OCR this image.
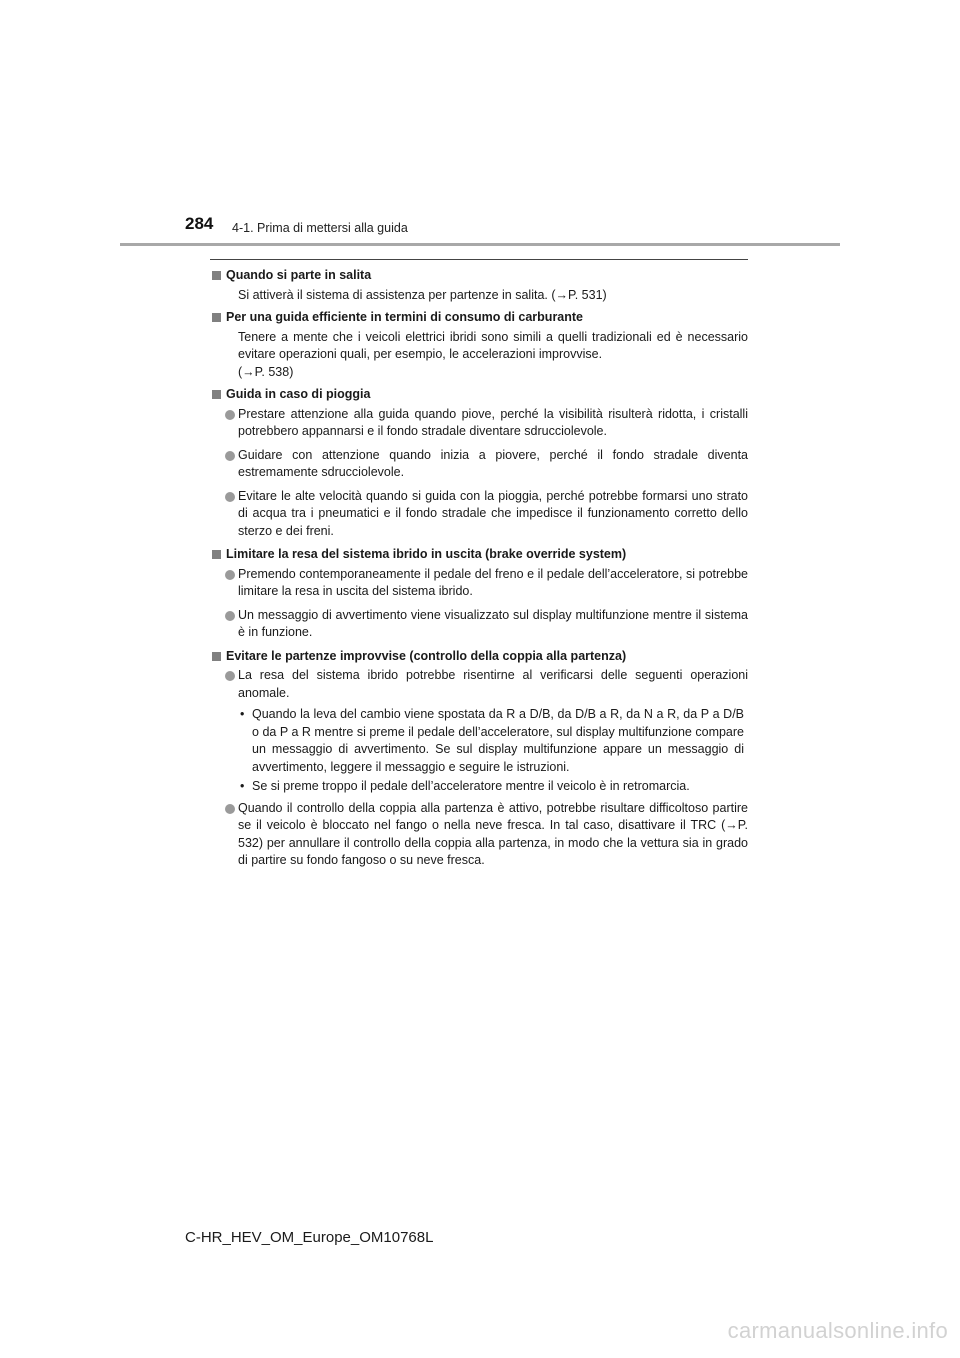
284 4-1. Prima di mettersi alla guida
Quando si parte in salita
Si attiverà il sistema di assistenza per partenze in salita. (→P. 531)
Per una guida efficiente in termini di consumo di carburante
Tenere a mente che i veicoli elettrici ibridi sono simili a quelli tradizionali ed è necessario evitare operazioni quali, per esempio, le accelerazioni improvvise.
(→P. 538)
Guida in caso di pioggia
Prestare attenzione alla guida quando piove, perché la visibilità risulterà ridotta, i cristalli potrebbero appannarsi e il fondo stradale diventare sdrucciolevole.
Guidare con attenzione quando inizia a piovere, perché il fondo stradale diventa estremamente sdrucciolevole.
Evitare le alte velocità quando si guida con la pioggia, perché potrebbe formarsi uno strato di acqua tra i pneumatici e il fondo stradale che impedisce il funzionamento corretto dello sterzo e dei freni.
Limitare la resa del sistema ibrido in uscita (brake override system)
Premendo contemporaneamente il pedale del freno e il pedale dell’acceleratore, si potrebbe limitare la resa in uscita del sistema ibrido.
Un messaggio di avvertimento viene visualizzato sul display multifunzione mentre il sistema è in funzione.
Evitare le partenze improvvise (controllo della coppia alla partenza)
La resa del sistema ibrido potrebbe risentirne al verificarsi delle seguenti operazioni anomale.
• Quando la leva del cambio viene spostata da R a D/B, da D/B a R, da N a R, da P a D/B o da P a R mentre si preme il pedale dell’acceleratore, sul display multifunzione compare un messaggio di avvertimento. Se sul display multifunzione appare un messaggio di avvertimento, leggere il messaggio e seguire le istruzioni.
• Se si preme troppo il pedale dell’acceleratore mentre il veicolo è in retromarcia.
Quando il controllo della coppia alla partenza è attivo, potrebbe risultare difficoltoso partire se il veicolo è bloccato nel fango o nella neve fresca. In tal caso, disattivare il TRC (→P. 532) per annullare il controllo della coppia alla partenza, in modo che la vettura sia in grado di partire su fondo fangoso o su neve fresca.
C-HR_HEV_OM_Europe_OM10768L
carmanualsonline.info
